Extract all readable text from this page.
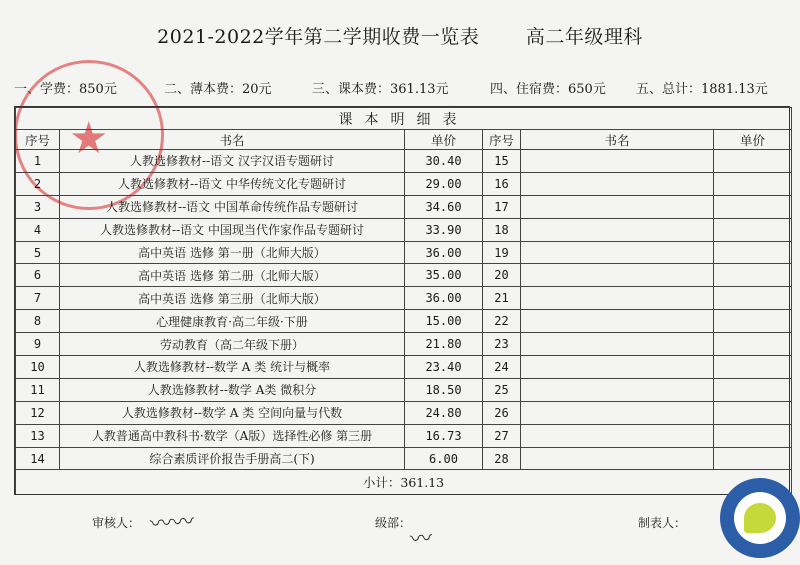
2021-2022学年第二学期收费一览表 高二年级理科
一、学费：850元	二、薄本费：20元	三、课本费：361.13元	四、住宿费：650元	五、总计：1881.13元
★	课本明细表					
序号	书名	单价	序号	书名	单价
1	人教选修教材--语文 汉字汉语专题研讨	30.40	15		
2	人教选修教材--语文 中华传统文化专题研讨	29.00	16		
3	人教选修教材--语文 中国革命传统作品专题研讨	34.60	17		
4	人教选修教材--语文 中国现当代作家作品专题研讨	33.90	18		
5	高中英语 选修 第一册（北师大版）	36.00	19		
6	高中英语 选修 第二册（北师大版）	35.00	20		
7	高中英语 选修 第三册（北师大版）	36.00	21		
8	心理健康教育·高二年级·下册	15.00	22		
9	劳动教育（高二年级下册）	21.80	23		
10	人教选修教材--数学 A 类 统计与概率	23.40	24		
11	人教选修教材--数学 A类 微积分	18.50	25		
12	人教选修教材--数学 A 类 空间向量与代数	24.80	26		
13	人教普通高中教科书·数学（A版）选择性必修 第三册	16.73	27		
14	综合素质评价报告手册高二(下)	6.00	28		
小计：361.13					
审核人：	级部：	制表人：
〰〰
〰
